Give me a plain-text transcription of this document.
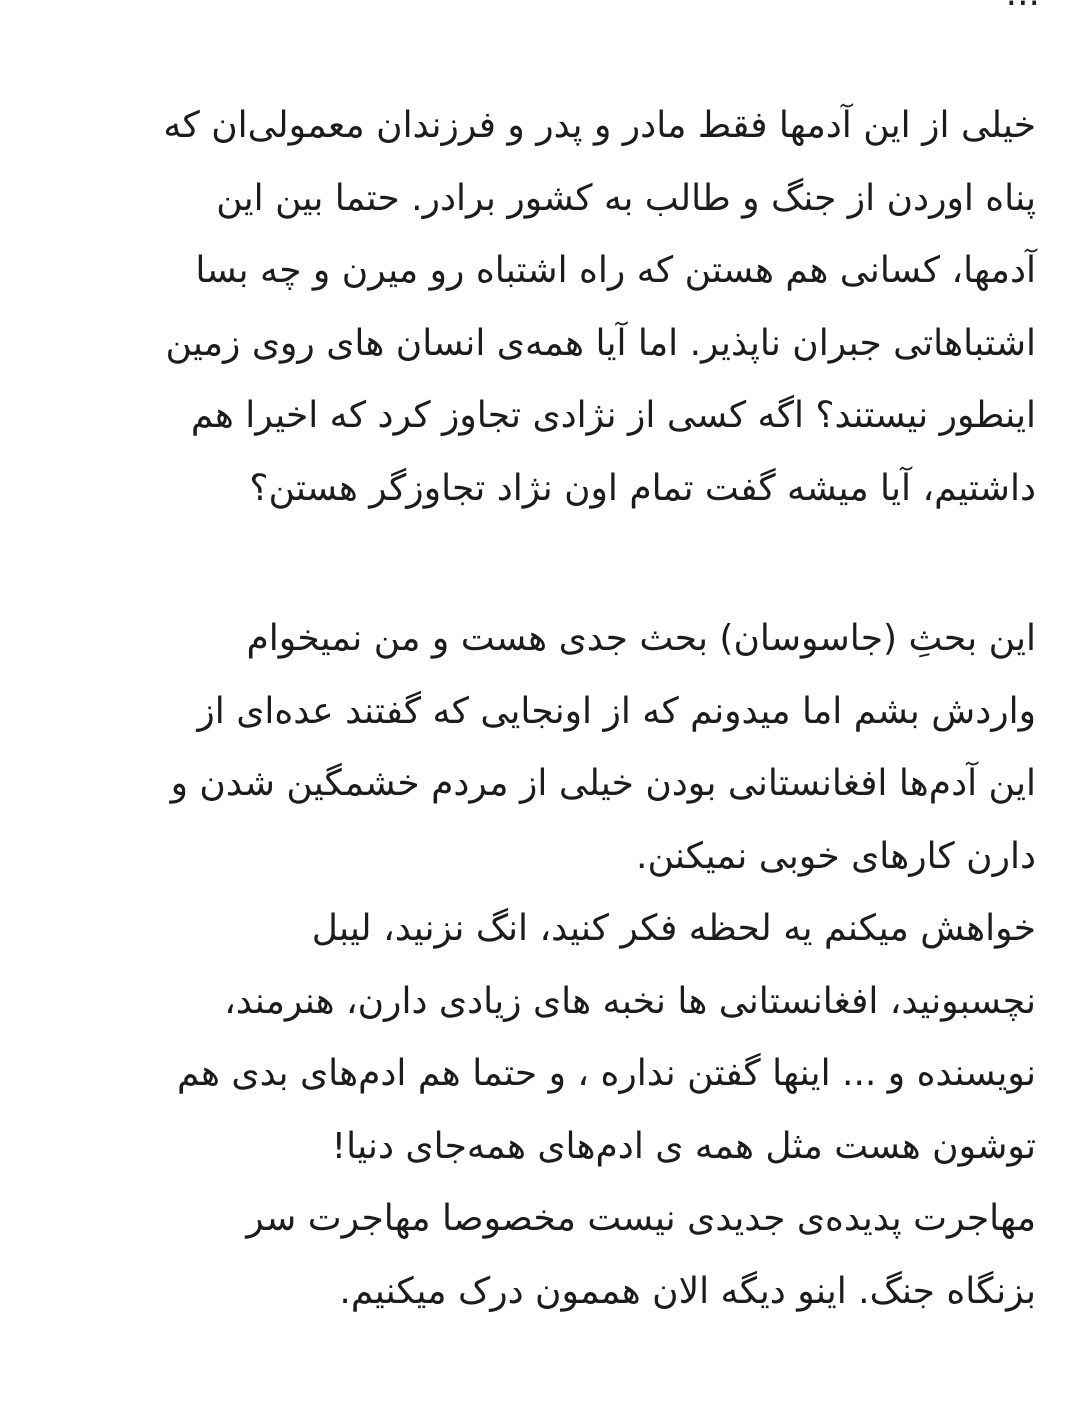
خیلی از این آدمها فقط مادر و پدر و فرزندان معمولی‌ان که
پناه اوردن از جنگ و طالب به کشور برادر. حتما بین این
آدمها، کسانی هم هستن که راه اشتباه رو میرن و چه بسا
اشتباهاتی جبران ناپذیر. اما آیا همه‌ی انسان های روی زمین
اینطور نیستند؟ اگه کسی از نژادی تجاوز کرد که اخیرا هم
داشتیم، آیا میشه گفت تمام اون نژاد تجاوزگر هستن؟

این بحثِ (جاسوسان) بحث جدی هست و من نمیخوام
واردش بشم اما میدونم که از اونجایی که گفتند عده‌ای از
این آدم‌ها افغانستانی بودن خیلی از مردم خشمگین شدن و
دارن کارهای خوبی نمیکنن.
خواهش میکنم یه لحظه فکر کنید، انگ نزنید، لیبل
نچسبونید، افغانستانی ها نخبه های زیادی دارن، هنرمند،
نویسنده و ... اینها گفتن نداره ، و حتما هم ادم‌های بدی هم
توشون هست مثل همه ی ادم‌های همه‌جای دنیا!
مهاجرت پدیده‌ی جدیدی نیست مخصوصا مهاجرت سر
بزنگاه جنگ. اینو دیگه الان هممون درک میکنیم.
